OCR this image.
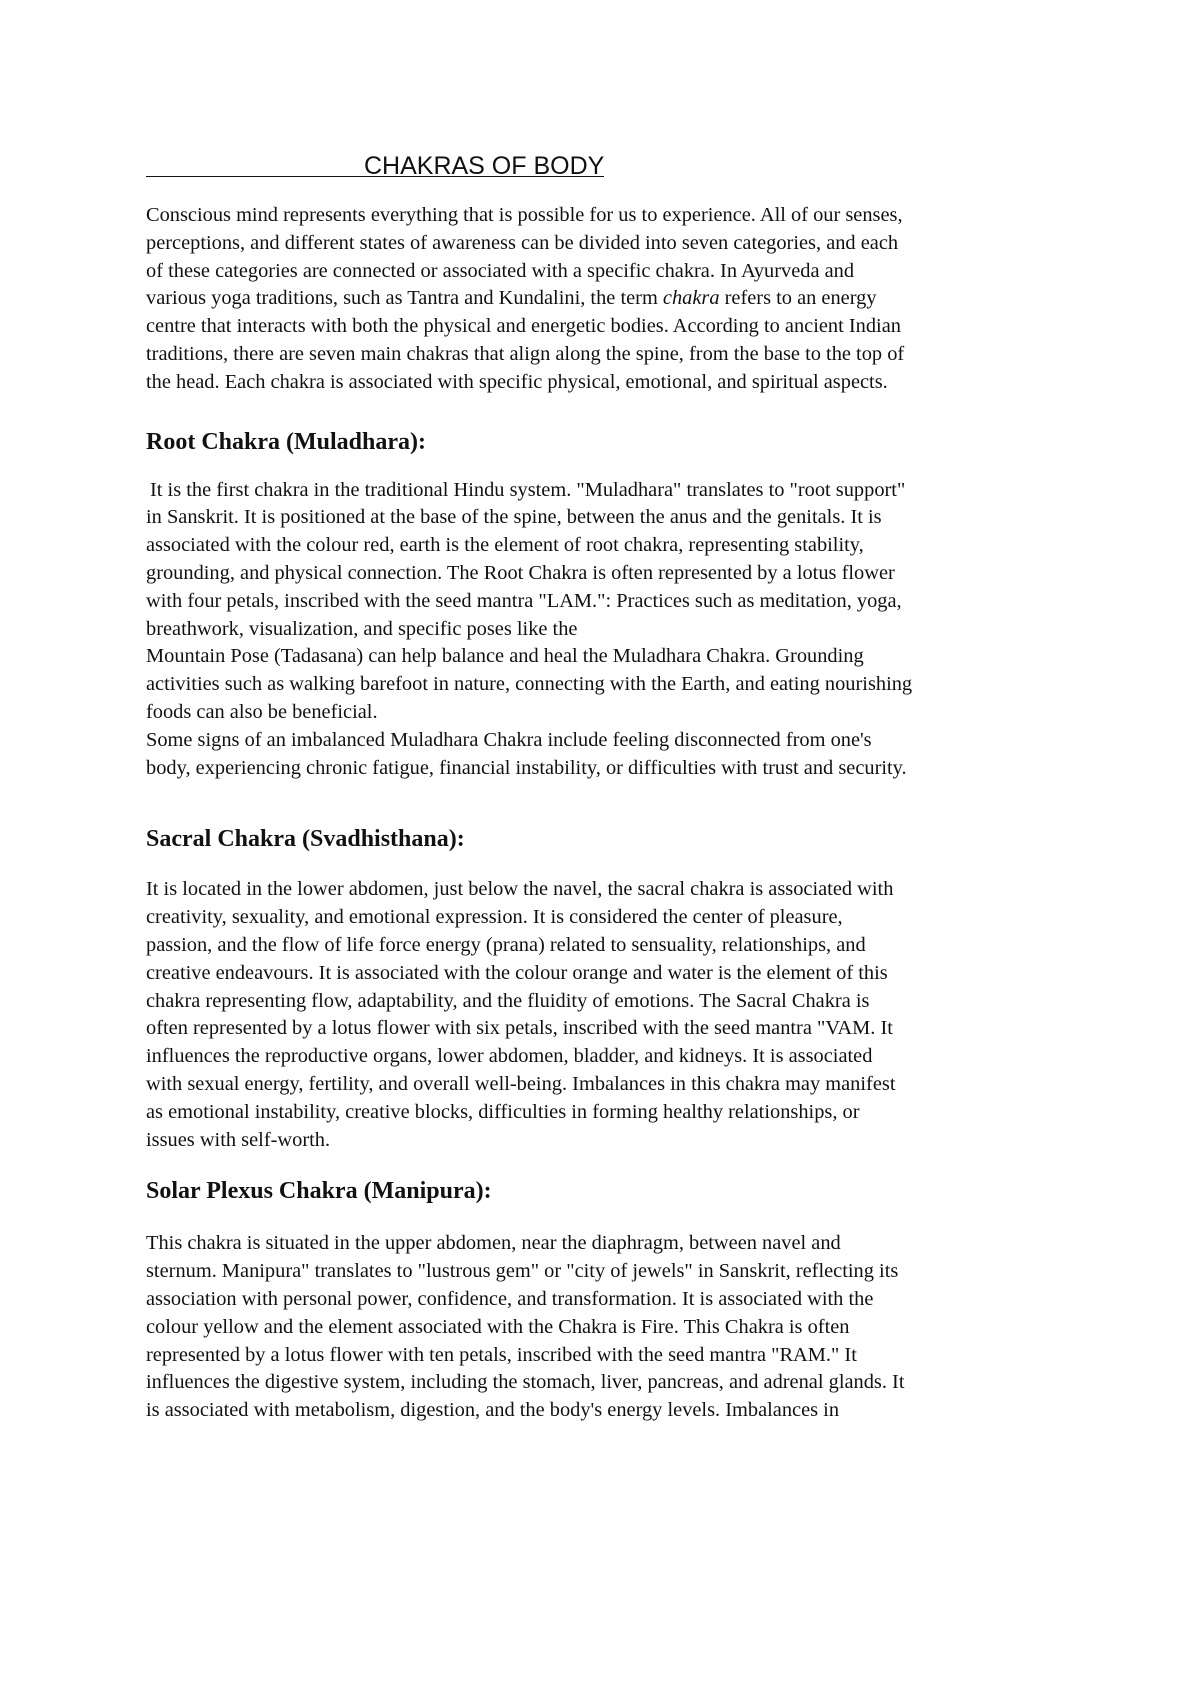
CHAKRAS OF BODY

Conscious mind represents everything that is possible for us to experience. All of our senses,
perceptions, and different states of awareness can be divided into seven categories, and each
of these categories are connected or associated with a specific chakra. In Ayurveda and
various yoga traditions, such as Tantra and Kundalini, the term chakra refers to an energy
centre that interacts with both the physical and energetic bodies. According to ancient Indian
traditions, there are seven main chakras that align along the spine, from the base to the top of
the head. Each chakra is associated with specific physical, emotional, and spiritual aspects.

Root Chakra (Muladhara):

It is the first chakra in the traditional Hindu system. "Muladhara" translates to "root support"
in Sanskrit. It is positioned at the base of the spine, between the anus and the genitals. It is
associated with the colour red, earth is the element of root chakra, representing stability,
grounding, and physical connection. The Root Chakra is often represented by a lotus flower
with four petals, inscribed with the seed mantra "LAM.": Practices such as meditation, yoga,
breathwork, visualization, and specific poses like the
Mountain Pose (Tadasana) can help balance and heal the Muladhara Chakra. Grounding
activities such as walking barefoot in nature, connecting with the Earth, and eating nourishing
foods can also be beneficial.
Some signs of an imbalanced Muladhara Chakra include feeling disconnected from one's
body, experiencing chronic fatigue, financial instability, or difficulties with trust and security.

Sacral Chakra (Svadhisthana):

It is located in the lower abdomen, just below the navel, the sacral chakra is associated with
creativity, sexuality, and emotional expression. It is considered the center of pleasure,
passion, and the flow of life force energy (prana) related to sensuality, relationships, and
creative endeavours. It is associated with the colour orange and water is the element of this
chakra representing flow, adaptability, and the fluidity of emotions. The Sacral Chakra is
often represented by a lotus flower with six petals, inscribed with the seed mantra "VAM. It
influences the reproductive organs, lower abdomen, bladder, and kidneys. It is associated
with sexual energy, fertility, and overall well-being. Imbalances in this chakra may manifest
as emotional instability, creative blocks, difficulties in forming healthy relationships, or
issues with self-worth.

Solar Plexus Chakra (Manipura):

This chakra is situated in the upper abdomen, near the diaphragm, between navel and
sternum. Manipura" translates to "lustrous gem" or "city of jewels" in Sanskrit, reflecting its
association with personal power, confidence, and transformation. It is associated with the
colour yellow and the element associated with the Chakra is Fire. This Chakra is often
represented by a lotus flower with ten petals, inscribed with the seed mantra "RAM." It
influences the digestive system, including the stomach, liver, pancreas, and adrenal glands. It
is associated with metabolism, digestion, and the body's energy levels. Imbalances in
